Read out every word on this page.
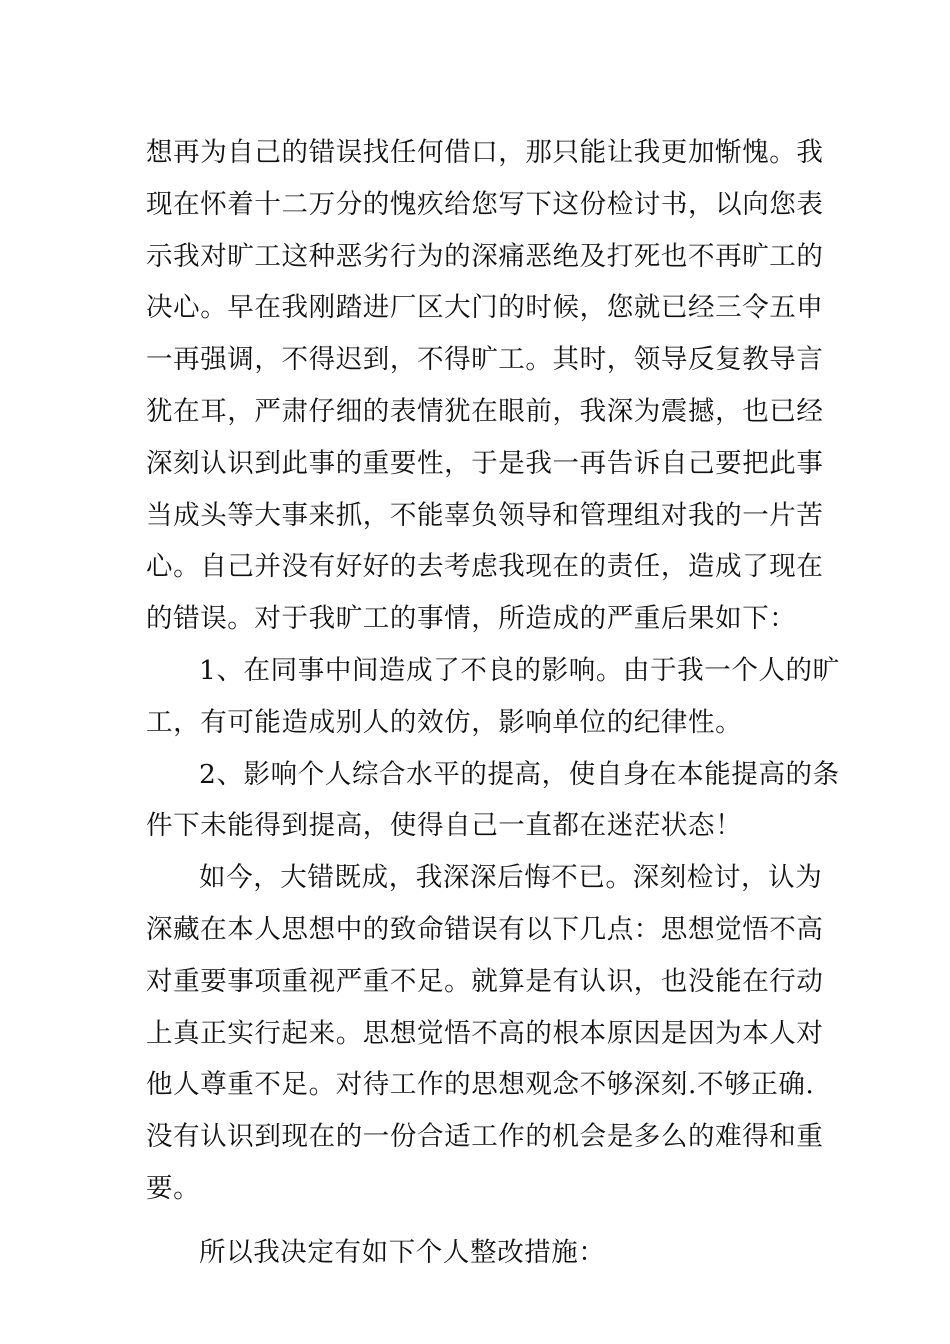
想再为自己的错误找任何借口，那只能让我更加惭愧。我
现在怀着十二万分的愧疚给您写下这份检讨书，以向您表
示我对旷工这种恶劣行为的深痛恶绝及打死也不再旷工的
决心。早在我刚踏进厂区大门的时候，您就已经三令五申
一再强调，不得迟到，不得旷工。其时，领导反复教导言
犹在耳，严肃仔细的表情犹在眼前，我深为震撼，也已经
深刻认识到此事的重要性，于是我一再告诉自己要把此事
当成头等大事来抓，不能辜负领导和管理组对我的一片苦
心。自己并没有好好的去考虑我现在的责任，造成了现在
的错误。对于我旷工的事情，所造成的严重后果如下：
1、在同事中间造成了不良的影响。由于我一个人的旷
工，有可能造成别人的效仿，影响单位的纪律性。
2、影响个人综合水平的提高，使自身在本能提高的条
件下未能得到提高，使得自己一直都在迷茫状态！
如今，大错既成，我深深后悔不已。深刻检讨，认为
深藏在本人思想中的致命错误有以下几点：思想觉悟不高
对重要事项重视严重不足。就算是有认识，也没能在行动
上真正实行起来。思想觉悟不高的根本原因是因为本人对
他人尊重不足。对待工作的思想观念不够深刻.不够正确.
没有认识到现在的一份合适工作的机会是多么的难得和重
要。
所以我决定有如下个人整改措施：
